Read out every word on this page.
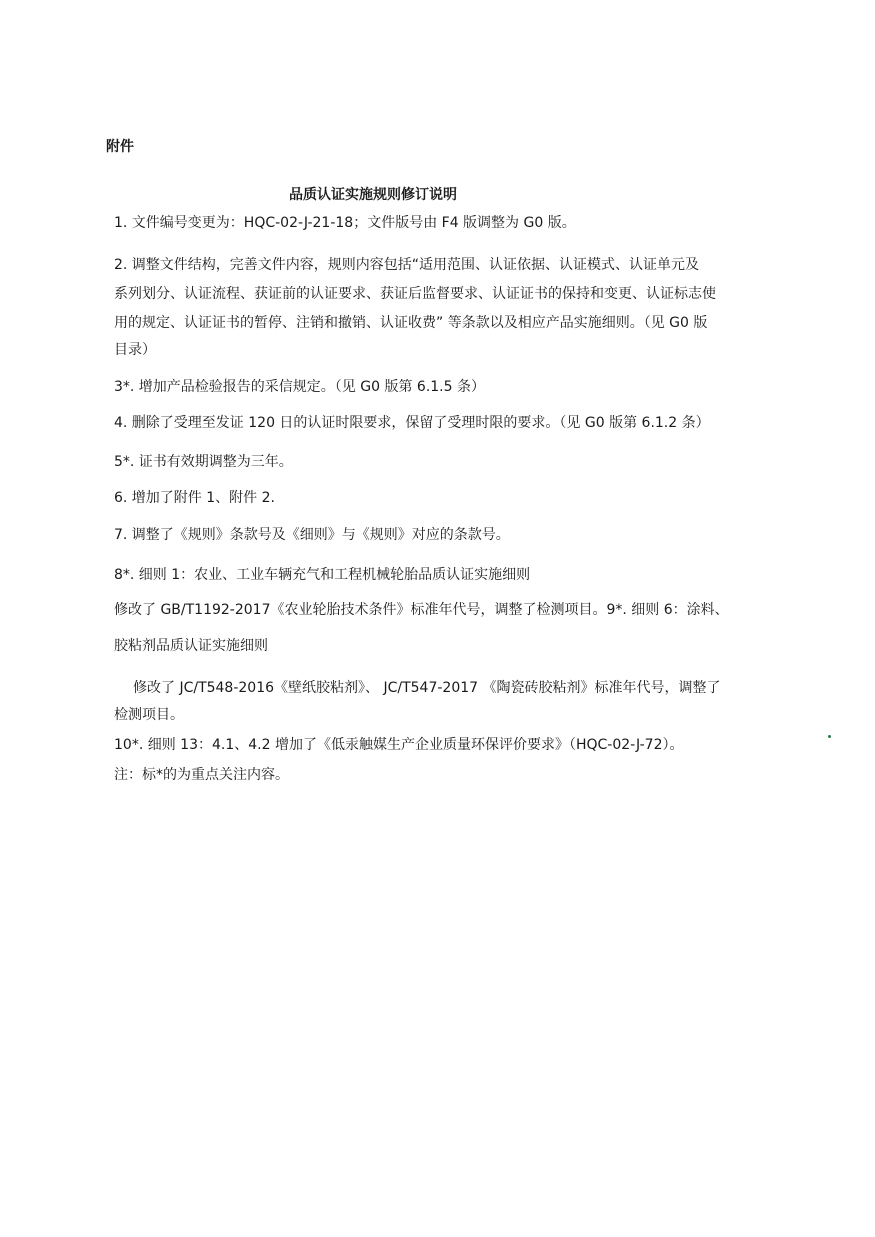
附件
品质认证实施规则修订说明
1. 文件编号变更为：HQC-02-J-21-18；文件版号由 F4 版调整为 G0 版。
2. 调整文件结构，完善文件内容，规则内容包括“适用范围、认证依据、认证模式、认证单元及
系列划分、认证流程、获证前的认证要求、获证后监督要求、认证证书的保持和变更、认证标志使
用的规定、认证证书的暂停、注销和撤销、认证收费” 等条款以及相应产品实施细则。（见 G0 版
目录）
3*. 增加产品检验报告的采信规定。（见 G0 版第 6.1.5 条）
4. 删除了受理至发证 120 日的认证时限要求，保留了受理时限的要求。（见 G0 版第 6.1.2 条）
5*. 证书有效期调整为三年。
6. 增加了附件 1、附件 2.
7. 调整了《规则》条款号及《细则》与《规则》对应的条款号。
8*. 细则 1：农业、工业车辆充气和工程机械轮胎品质认证实施细则
修改了 GB/T1192-2017《农业轮胎技术条件》标准年代号，调整了检测项目。9*. 细则 6：涂料、
胶粘剂品质认证实施细则
修改了 JC/T548-2016《壁纸胶粘剂》、 JC/T547-2017 《陶瓷砖胶粘剂》标准年代号，调整了
检测项目。
10*. 细则 13：4.1、4.2 增加了《低汞触媒生产企业质量环保评价要求》（HQC-02-J-72）。
注：标*的为重点关注内容。
